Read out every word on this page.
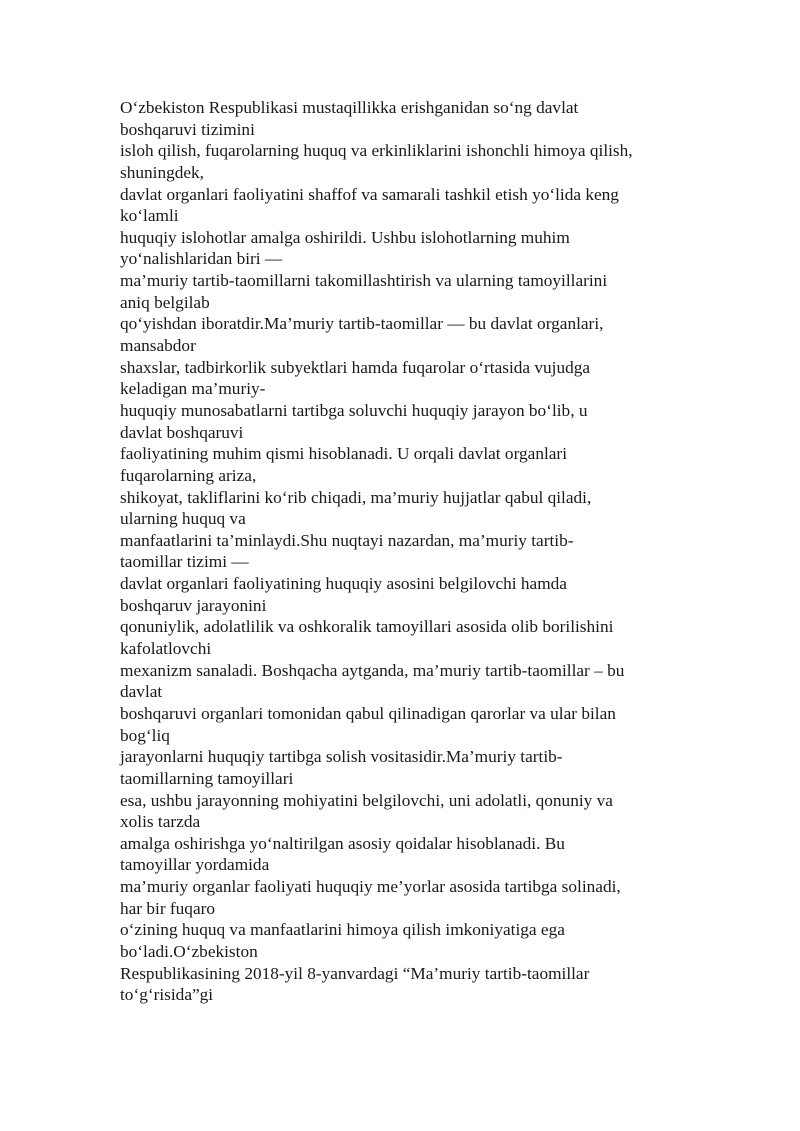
O‘zbekiston Respublikasi mustaqillikka erishganidan so‘ng davlat
boshqaruvi tizimini
isloh qilish, fuqarolarning huquq va erkinliklarini ishonchli himoya qilish,
shuningdek,
davlat organlari faoliyatini shaffof va samarali tashkil etish yo‘lida keng
ko‘lamli
huquqiy islohotlar amalga oshirildi. Ushbu islohotlarning muhim
yo‘nalishlaridan biri —
ma’muriy tartib-taomillarni takomillashtirish va ularning tamoyillarini
aniq belgilab
qo‘yishdan iboratdir.Ma’muriy tartib-taomillar — bu davlat organlari,
mansabdor
shaxslar, tadbirkorlik subyektlari hamda fuqarolar o‘rtasida vujudga
keladigan ma’muriy-
huquqiy munosabatlarni tartibga soluvchi huquqiy jarayon bo‘lib, u
davlat boshqaruvi
faoliyatining muhim qismi hisoblanadi. U orqali davlat organlari
fuqarolarning ariza,
shikoyat, takliflarini ko‘rib chiqadi, ma’muriy hujjatlar qabul qiladi,
ularning huquq va
manfaatlarini ta’minlaydi.Shu nuqtayi nazardan, ma’muriy tartib-
taomillar tizimi —
davlat organlari faoliyatining huquqiy asosini belgilovchi hamda
boshqaruv jarayonini
qonuniylik, adolatlilik va oshkoralik tamoyillari asosida olib borilishini
kafolatlovchi
mexanizm sanaladi. Boshqacha aytganda, ma’muriy tartib-taomillar – bu
davlat
boshqaruvi organlari tomonidan qabul qilinadigan qarorlar va ular bilan
bog‘liq
jarayonlarni huquqiy tartibga solish vositasidir.Ma’muriy tartib-
taomillarning tamoyillari
esa, ushbu jarayonning mohiyatini belgilovchi, uni adolatli, qonuniy va
xolis tarzda
amalga oshirishga yo‘naltirilgan asosiy qoidalar hisoblanadi. Bu
tamoyillar yordamida
ma’muriy organlar faoliyati huquqiy me’yorlar asosida tartibga solinadi,
har bir fuqaro
o‘zining huquq va manfaatlarini himoya qilish imkoniyatiga ega
bo‘ladi.O‘zbekiston
Respublikasining 2018-yil 8-yanvardagi “Ma’muriy tartib-taomillar
to‘g‘risida”gi
